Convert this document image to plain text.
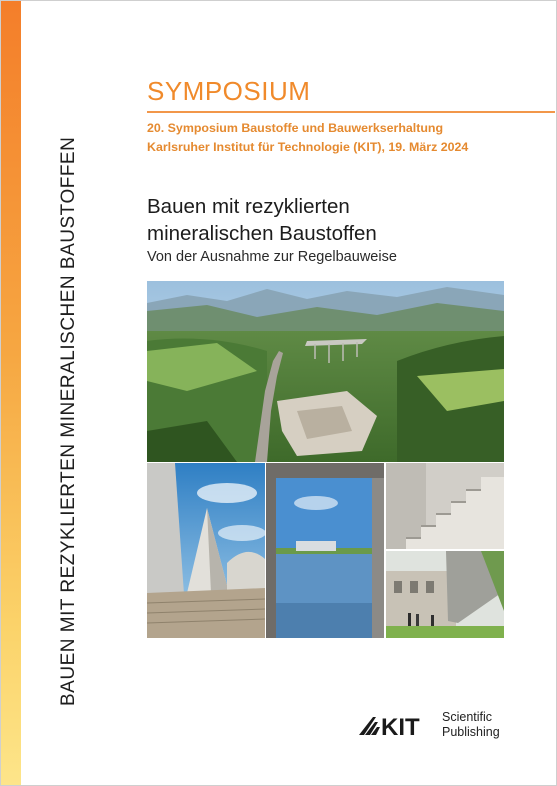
BAUEN MIT REZYKLIERTEN MINERALISCHEN BAUSTOFFEN
SYMPOSIUM
20. Symposium Baustoffe und Bauwerkserhaltung
Karlsruher Institut für Technologie (KIT), 19. März 2024
Bauen mit rezyklierten
mineralischen Baustoffen
Von der Ausnahme zur Regelbauweise
KIT Scientific
Publishing
